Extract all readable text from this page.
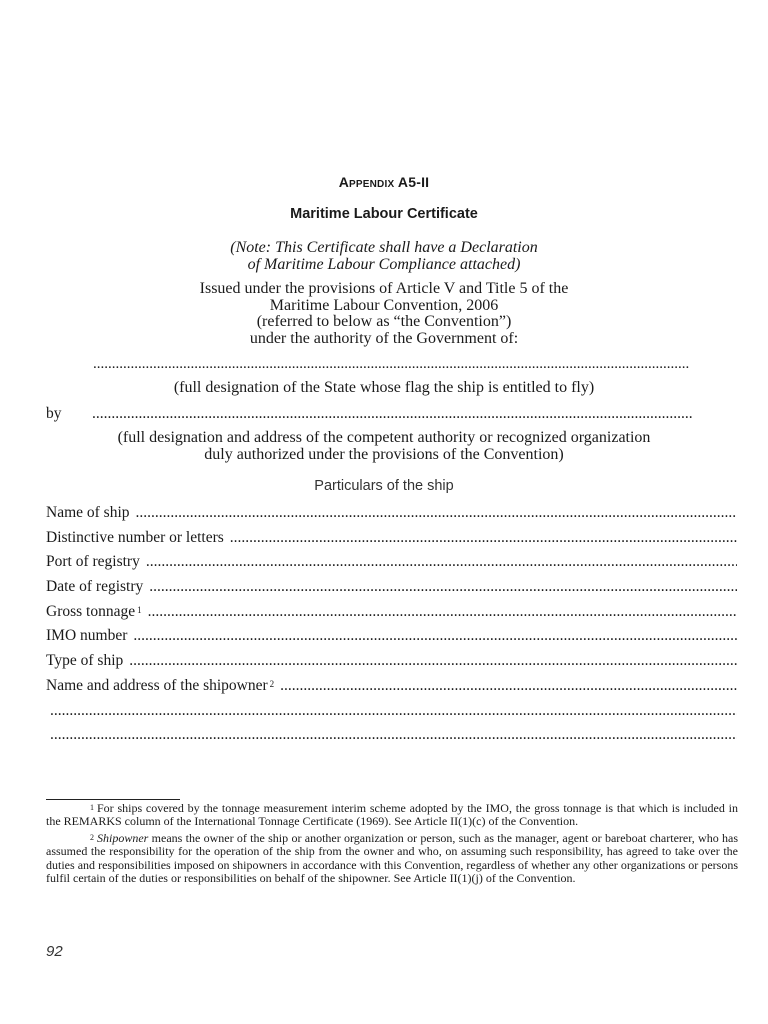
Appendix A5-II
Maritime Labour Certificate
(Note: This Certificate shall have a Declaration
of Maritime Labour Compliance attached)
Issued under the provisions of Article V and Title 5 of the
Maritime Labour Convention, 2006
(referred to below as “the Convention”)
under the authority of the Government of:
.....
(full designation of the State whose flag the ship is entitled to fly)
by
.....
(full designation and address of the competent authority or recognized organization
duly authorized under the provisions of the Convention)
Particulars of the ship
Name of ship
.....
Distinctive number or letters
.....
Port of registry
.....
Date of registry
.....
Gross tonnage $^1$
.....
IMO number
.....
Type of ship
.....
Name and address of the shipowner $^2$
.....
.....
.....

$^1$ For ships covered by the tonnage measurement interim scheme adopted by the IMO, the gross tonnage is that which is included in the REMARKS column of the International Tonnage Certificate (1969). See Article II(1)(c) of the Convention.

$^2$ Shipowner means the owner of the ship or another organization or person, such as the manager, agent or bareboat charterer, who has assumed the responsibility for the operation of the ship from the owner and who, on assuming such responsibility, has agreed to take over the duties and responsibilities imposed on shipowners in accordance with this Convention, regardless of whether any other organizations or persons fulfil certain of the duties or responsibilities on behalf of the shipowner. See Article II(1)(j) of the Convention.

92
